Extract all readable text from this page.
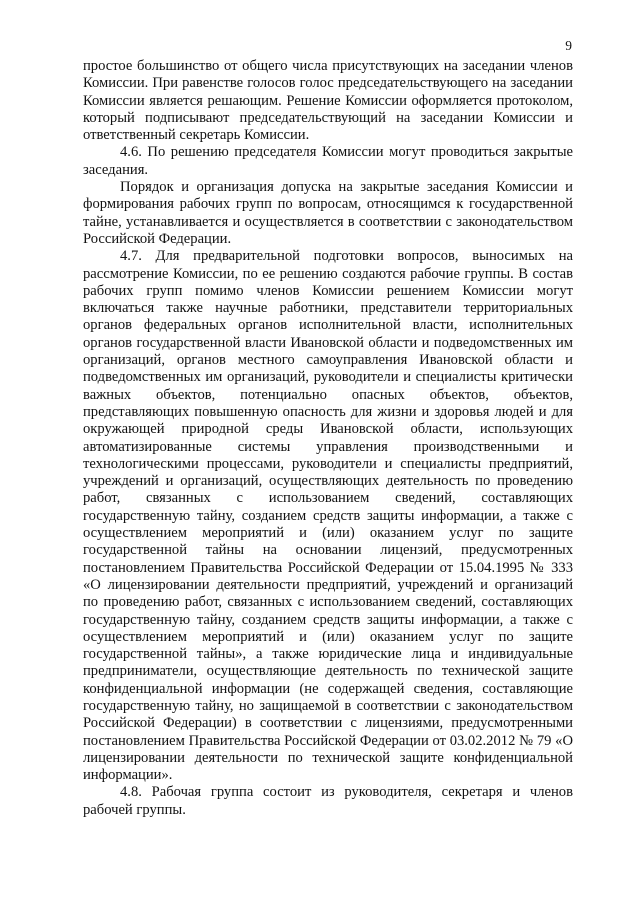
9

простое большинство от общего числа присутствующих на заседании членов Комиссии. При равенстве голосов голос председательствующего на заседании Комиссии является решающим. Решение Комиссии оформляется протоколом, который подписывают председательствующий на заседании Комиссии и ответственный секретарь Комиссии.

4.6. По решению председателя Комиссии могут проводиться закрытые заседания.

Порядок и организация допуска на закрытые заседания Комиссии и формирования рабочих групп по вопросам, относящимся к государственной тайне, устанавливается и осуществляется в соответствии с законодательством Российской Федерации.

4.7. Для предварительной подготовки вопросов, выносимых на рассмотрение Комиссии, по ее решению создаются рабочие группы. В состав рабочих групп помимо членов Комиссии решением Комиссии могут включаться также научные работники, представители территориальных органов федеральных органов исполнительной власти, исполнительных органов государственной власти Ивановской области и подведомственных им организаций, органов местного самоуправления Ивановской области и подведомственных им организаций, руководители и специалисты критически важных объектов, потенциально опасных объектов, объектов, представляющих повышенную опасность для жизни и здоровья людей и для окружающей природной среды Ивановской области, использующих автоматизированные системы управления производственными и технологическими процессами, руководители и специалисты предприятий, учреждений и организаций, осуществляющих деятельность по проведению работ, связанных с использованием сведений, составляющих государственную тайну, созданием средств защиты информации, а также с осуществлением мероприятий и (или) оказанием услуг по защите государственной тайны на основании лицензий, предусмотренных постановлением Правительства Российской Федерации от 15.04.1995 № 333 «О лицензировании деятельности предприятий, учреждений и организаций по проведению работ, связанных с использованием сведений, составляющих государственную тайну, созданием средств защиты информации, а также с осуществлением мероприятий и (или) оказанием услуг по защите государственной тайны», а также юридические лица и индивидуальные предприниматели, осуществляющие деятельность по технической защите конфиденциальной информации (не содержащей сведения, составляющие государственную тайну, но защищаемой в соответствии с законодательством Российской Федерации) в соответствии с лицензиями, предусмотренными постановлением Правительства Российской Федерации от 03.02.2012 № 79 «О лицензировании деятельности по технической защите конфиденциальной информации».

4.8. Рабочая группа состоит из руководителя, секретаря и членов рабочей группы.
